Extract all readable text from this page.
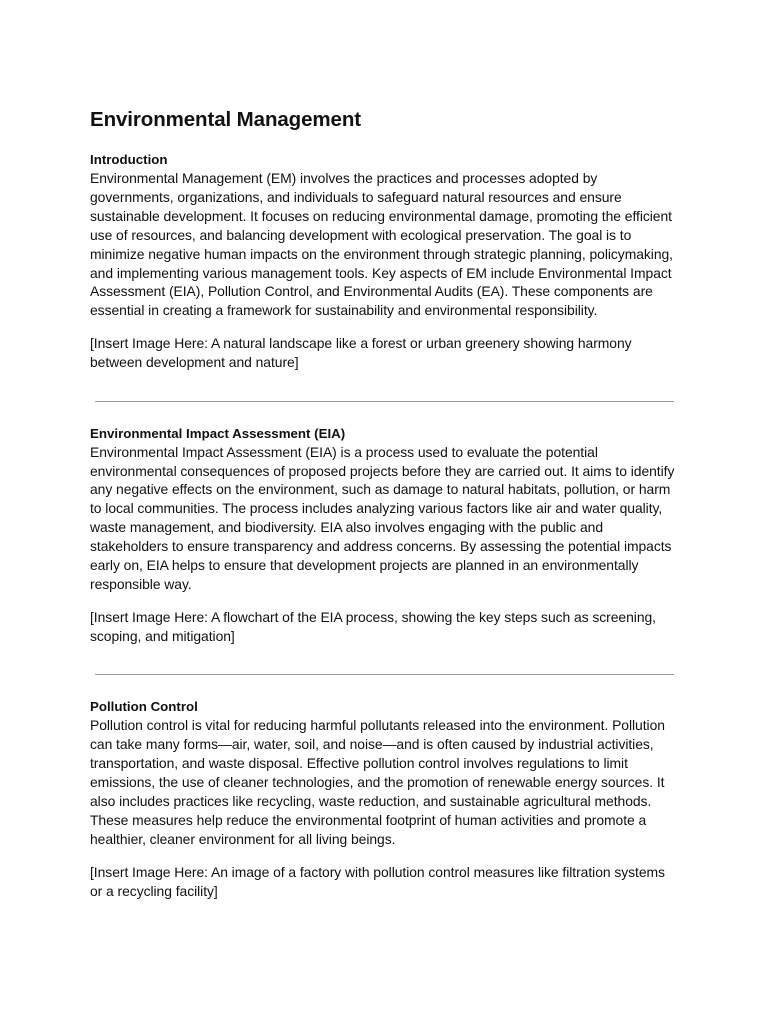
Environmental Management
Introduction

Environmental Management (EM) involves the practices and processes adopted by governments, organizations, and individuals to safeguard natural resources and ensure sustainable development. It focuses on reducing environmental damage, promoting the efficient use of resources, and balancing development with ecological preservation. The goal is to minimize negative human impacts on the environment through strategic planning, policymaking, and implementing various management tools. Key aspects of EM include Environmental Impact Assessment (EIA), Pollution Control, and Environmental Audits (EA). These components are essential in creating a framework for sustainability and environmental responsibility.

[Insert Image Here: A natural landscape like a forest or urban greenery showing harmony between development and nature]

Environmental Impact Assessment (EIA)

Environmental Impact Assessment (EIA) is a process used to evaluate the potential environmental consequences of proposed projects before they are carried out. It aims to identify any negative effects on the environment, such as damage to natural habitats, pollution, or harm to local communities. The process includes analyzing various factors like air and water quality, waste management, and biodiversity. EIA also involves engaging with the public and stakeholders to ensure transparency and address concerns. By assessing the potential impacts early on, EIA helps to ensure that development projects are planned in an environmentally responsible way.

[Insert Image Here: A flowchart of the EIA process, showing the key steps such as screening, scoping, and mitigation]

Pollution Control

Pollution control is vital for reducing harmful pollutants released into the environment. Pollution can take many forms—air, water, soil, and noise—and is often caused by industrial activities, transportation, and waste disposal. Effective pollution control involves regulations to limit emissions, the use of cleaner technologies, and the promotion of renewable energy sources. It also includes practices like recycling, waste reduction, and sustainable agricultural methods. These measures help reduce the environmental footprint of human activities and promote a healthier, cleaner environment for all living beings.

[Insert Image Here: An image of a factory with pollution control measures like filtration systems or a recycling facility]
